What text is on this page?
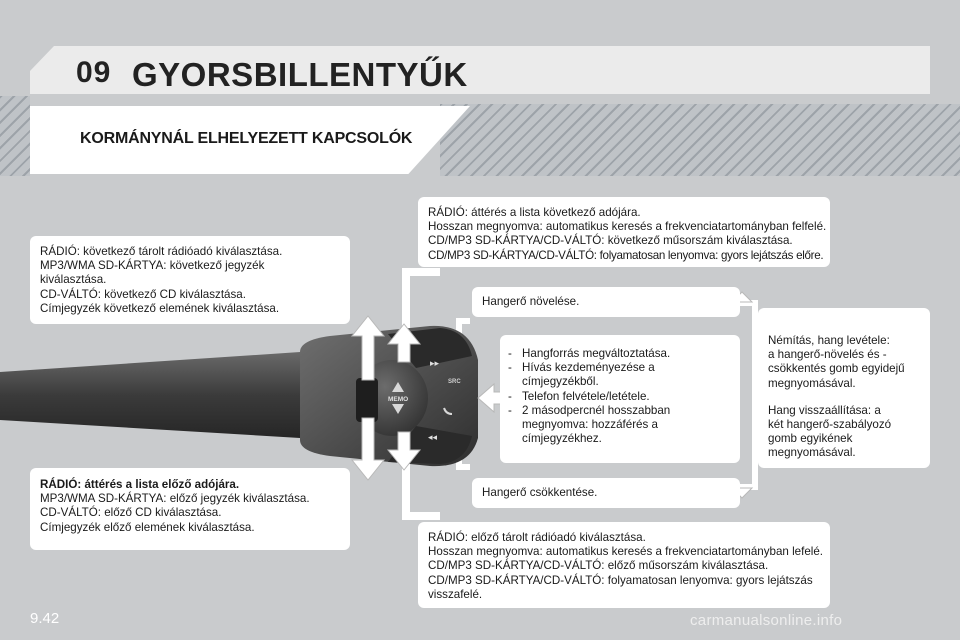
09 GYORSBILLENTYŰK
KORMÁNYNÁL ELHELYEZETT KAPCSOLÓK
MEMO
SRC
▸▸
◂◂
RÁDIÓ: áttérés a lista következő adójára.
Hosszan megnyomva: automatikus keresés a frekvenciatartományban felfelé.
CD/MP3 SD-KÁRTYA/CD-VÁLTÓ: következő műsorszám kiválasztása.
CD/MP3 SD-KÁRTYA/CD-VÁLTÓ: folyamatosan lenyomva: gyors lejátszás előre.
RÁDIÓ: következő tárolt rádióadó kiválasztása.
MP3/WMA SD-KÁRTYA: következő jegyzék
kiválasztása.
CD-VÁLTÓ: következő CD kiválasztása.
Címjegyzék következő elemének kiválasztása.
Hangerő növelése.
- Hangforrás megváltoztatása.
- Hívás kezdeményezése a
címjegyzékből.
- Telefon felvétele/letétele.
- 2 másodpercnél hosszabban
megnyomva: hozzáférés a
címjegyzékhez.
Némítás, hang levétele:
a hangerő-növelés és -
csökkentés gomb egyidejű
megnyomásával.
Hang visszaállítása: a
két hangerő-szabályozó
gomb egyikének
megnyomásával.
RÁDIÓ: áttérés a lista előző adójára.
MP3/WMA SD-KÁRTYA: előző jegyzék kiválasztása.
CD-VÁLTÓ: előző CD kiválasztása.
Címjegyzék előző elemének kiválasztása.
Hangerő csökkentése.
RÁDIÓ: előző tárolt rádióadó kiválasztása.
Hosszan megnyomva: automatikus keresés a frekvenciatartományban lefelé.
CD/MP3 SD-KÁRTYA/CD-VÁLTÓ: előző műsorszám kiválasztása.
CD/MP3 SD-KÁRTYA/CD-VÁLTÓ: folyamatosan lenyomva: gyors lejátszás
visszafelé.
9.42	carmanualsonline.info
